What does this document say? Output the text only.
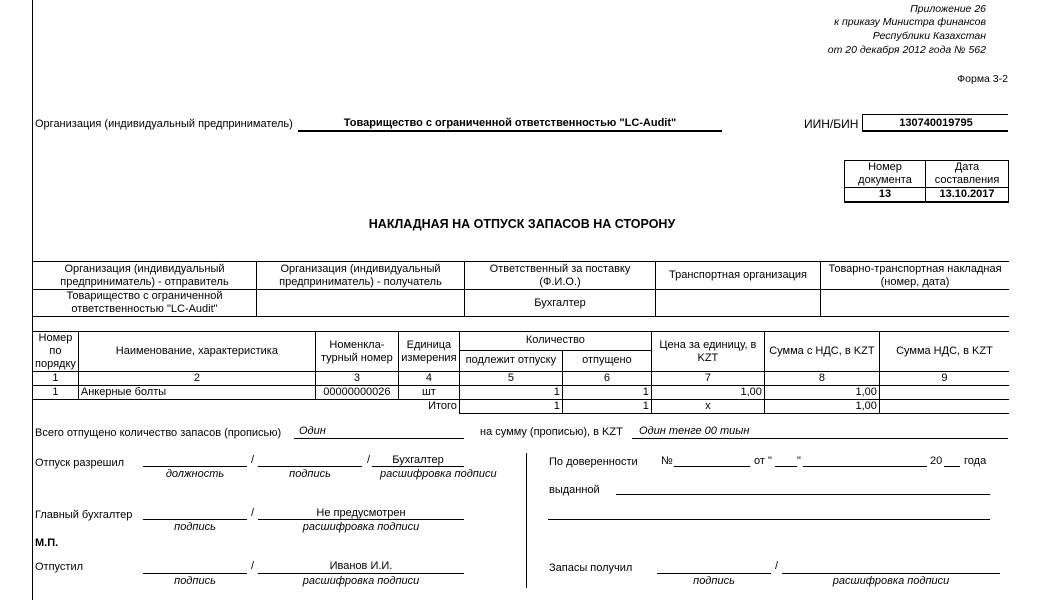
Приложение 26
к приказу Министра финансов
Республики Казахстан
от 20 декабря 2012 года № 562
Форма 3-2
Организация (индивидуальный предприниматель)	Товарищество с ограниченной ответственностью "LC-Audit"	ИИН/БИН	130740019795
Номер
документа	Дата
составления
13	13.10.2017
НАКЛАДНАЯ НА ОТПУСК ЗАПАСОВ НА СТОРОНУ
Организация (индивидуальный
предприниматель) - отправитель	Организация (индивидуальный
предприниматель) - получатель	Ответственный за поставку
(Ф.И.О.)	Транспортная организация	Товарно-транспортная накладная
(номер, дата)
Товарищество с ограниченной
ответственностью "LC-Audit"		Бухгалтер		
Номер
по
порядку	Наименование, характеристика	Номенкла-
турный номер	Единица
измерения	Количество		Цена за единицу, в
KZT	Сумма с НДС, в KZT	Сумма НДС, в KZT
				подлежит отпуску	отпущено			
1	2	3	4	5	6	7	8	9
1	Анкерные болты	00000000026	шт	1	1	1,00	1,00	
			Итого	1	1	х	1,00	
Всего отпущено количество запасов (прописью) Один	на сумму (прописью), в KZT Один тенге 00 тиын
Отпуск разрешил	/	/	Бухгалтер
должность	подпись	расшифровка подписи
Главный бухгалтер	/	Не предусмотрен
подпись	расшифровка подписи
М.П.
Отпустил	/	Иванов И.И.
подпись	расшифровка подписи
По доверенности №	от " "	20 года
выданной
Запасы получил	/
подпись	расшифровка подписи
